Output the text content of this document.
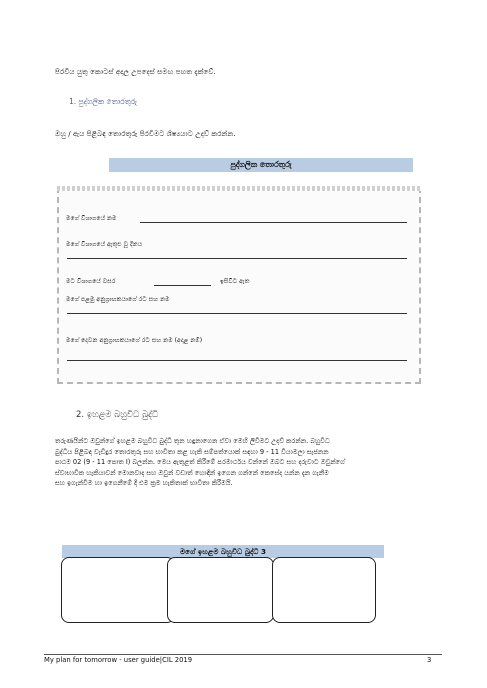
පිරවිය යුතු කොටස් අදාල උපදෙස් සමඟ පහත දැක්වේ.
1. පුද්ගලික තොරතුරු
ඔහු / ඇය පිළිබඳ තොරතුරු පිරවීමට ශිෂ්‍යයාට උදව් කරන්න.
පුද්ගලික තොරතුරු
මගේ විශාගයේ නම
මගේ විශාගයේ ඇතුළු වූ දිනය
මට විශාගයේ වසර	ඉසිවිට ඇත
මගේ පළමු අනුග්‍රාහකයාගේ රට සහ නම
මගේ දෙවන අනුග්‍රාහකයාගේ රට සහ නම (අදාළ නම්)
2. ඉහළම බහුවිධ බුද්ධි
තරුණයින්ට ඔවුන්ගේ ඉහළම බහුවිධ බුද්ධි තුන හඳුනාගෙන ඒවා මෙහි ලිවීමට උදව් කරන්න. බහුවිධ
බුද්ධිය පිළිබඳ වැඩිදුර තොරතුරු සහ භාවිතා කළ හැකි සම්පත්යොක් සඳහා 9 - 11 වියාමලා සැජනන
පාඨම 02 (9 - 11 පොත I) බලන්න. මෙය ඇතුළත් කිරීමේ පරමාර්ථය වන්නේ ඔබට සහ දරුවාට ඔවුන්ගේ
ස්වාභාවික හැකියාවන් මොනවාද සහ ඔවුන් වඩාත් හොඳින් ඉගෙන ගන්නේ කෙසේද යන්න දැන ගැනීම
සහ ඉගැන්වීම හා ඉගෙනීමේ දී එම ක්‍රම හැකිතාක් භාවිතා කිරීමයි.
මගේ ඉහළම බහුවිධ බුද්ධි 3
My plan for tomorrow - user guide|CIL 2019	3
